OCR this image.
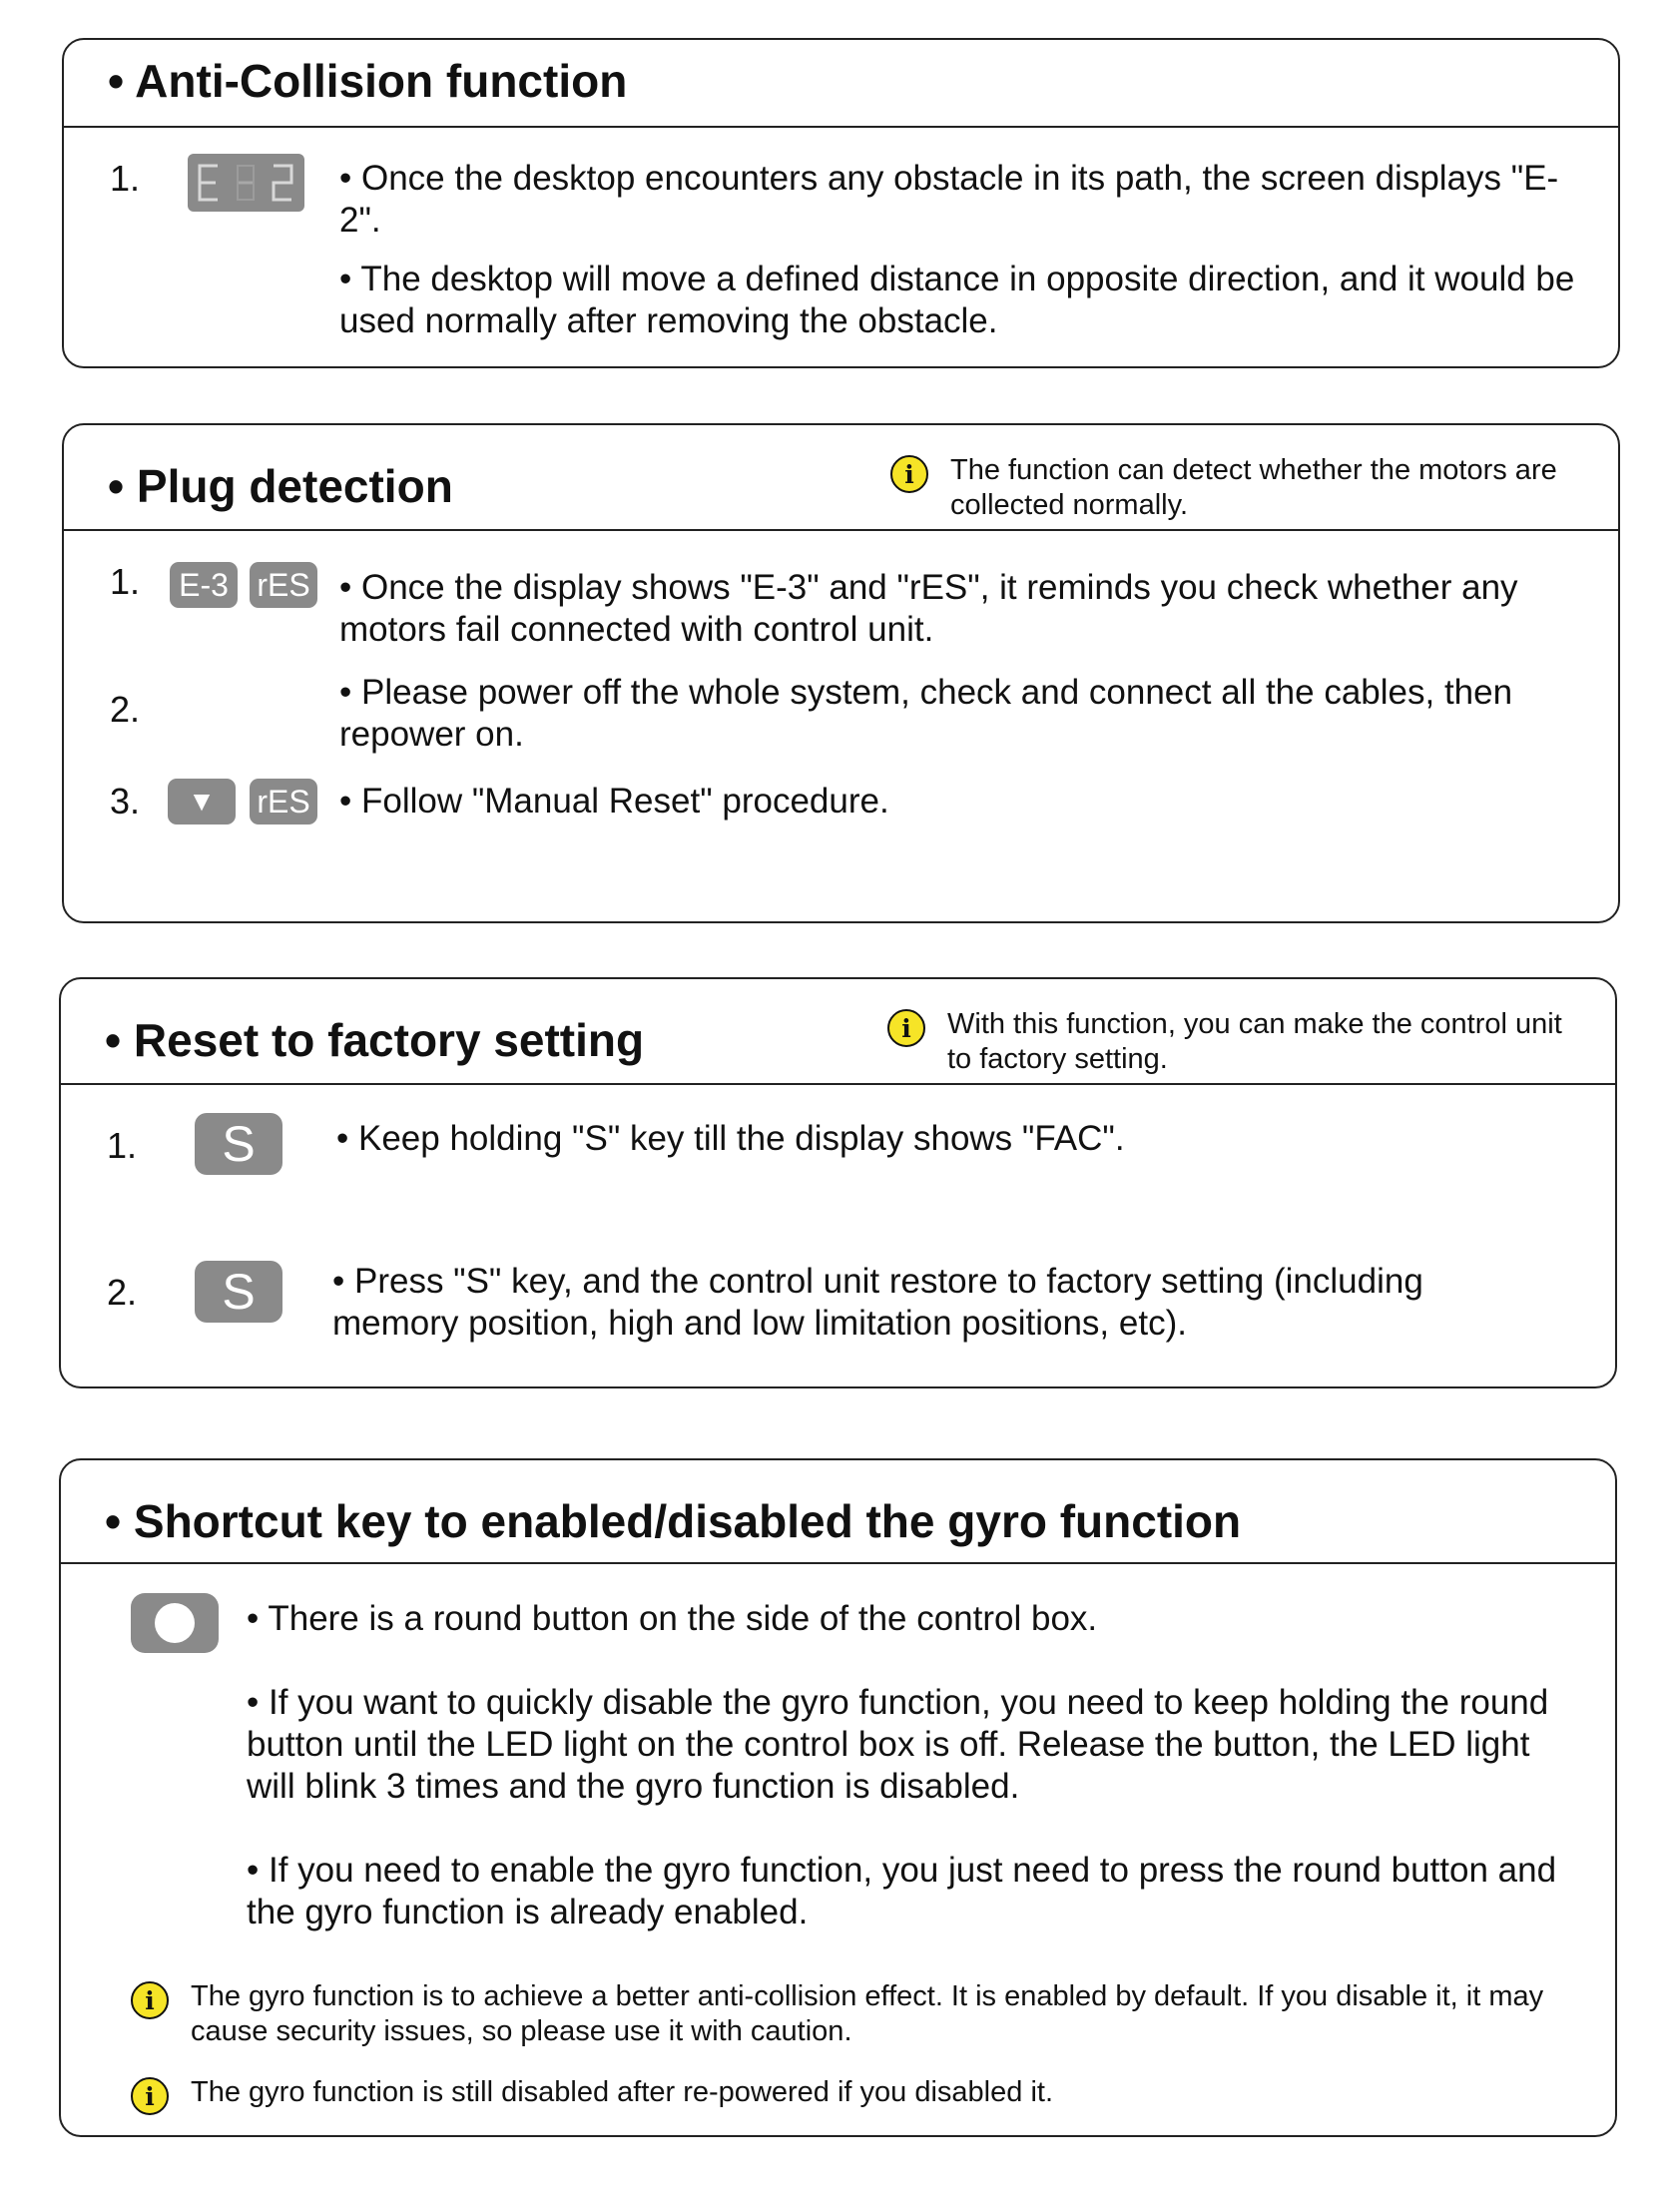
• Anti-Collision function
1.	• Once the desktop encounters any obstacle in its path, the screen displays "E-2".
• The desktop will move a defined distance in opposite direction, and it would be used normally after removing the obstacle.
• Plug detection	i	The function can detect whether the motors are collected normally.
1. E-3 rES • Once the display shows "E-3" and "rES", it reminds you check whether any motors fail connected with control unit.
2.	• Please power off the whole system, check and connect all the cables, then repower on.
3.	▼	rES • Follow "Manual Reset" procedure.
• Reset to factory setting	i	With this function, you can make the control unit to factory setting.
1.	S	• Keep holding "S" key till the display shows "FAC".
2.	S	• Press "S" key, and the control unit restore to factory setting (including memory position, high and low limitation positions, etc).
• Shortcut key to enabled/disabled the gyro function
• There is a round button on the side of the control box.
• If you want to quickly disable the gyro function, you need to keep holding the round button until the LED light on the control box is off. Release the button, the LED light will blink 3 times and the gyro function is disabled.
• If you need to enable the gyro function, you just need to press the round button and the gyro function is already enabled.
i	The gyro function is to achieve a better anti-collision effect. It is enabled by default. If you disable it, it may cause security issues, so please use it with caution.
i	The gyro function is still disabled after re-powered if you disabled it.
